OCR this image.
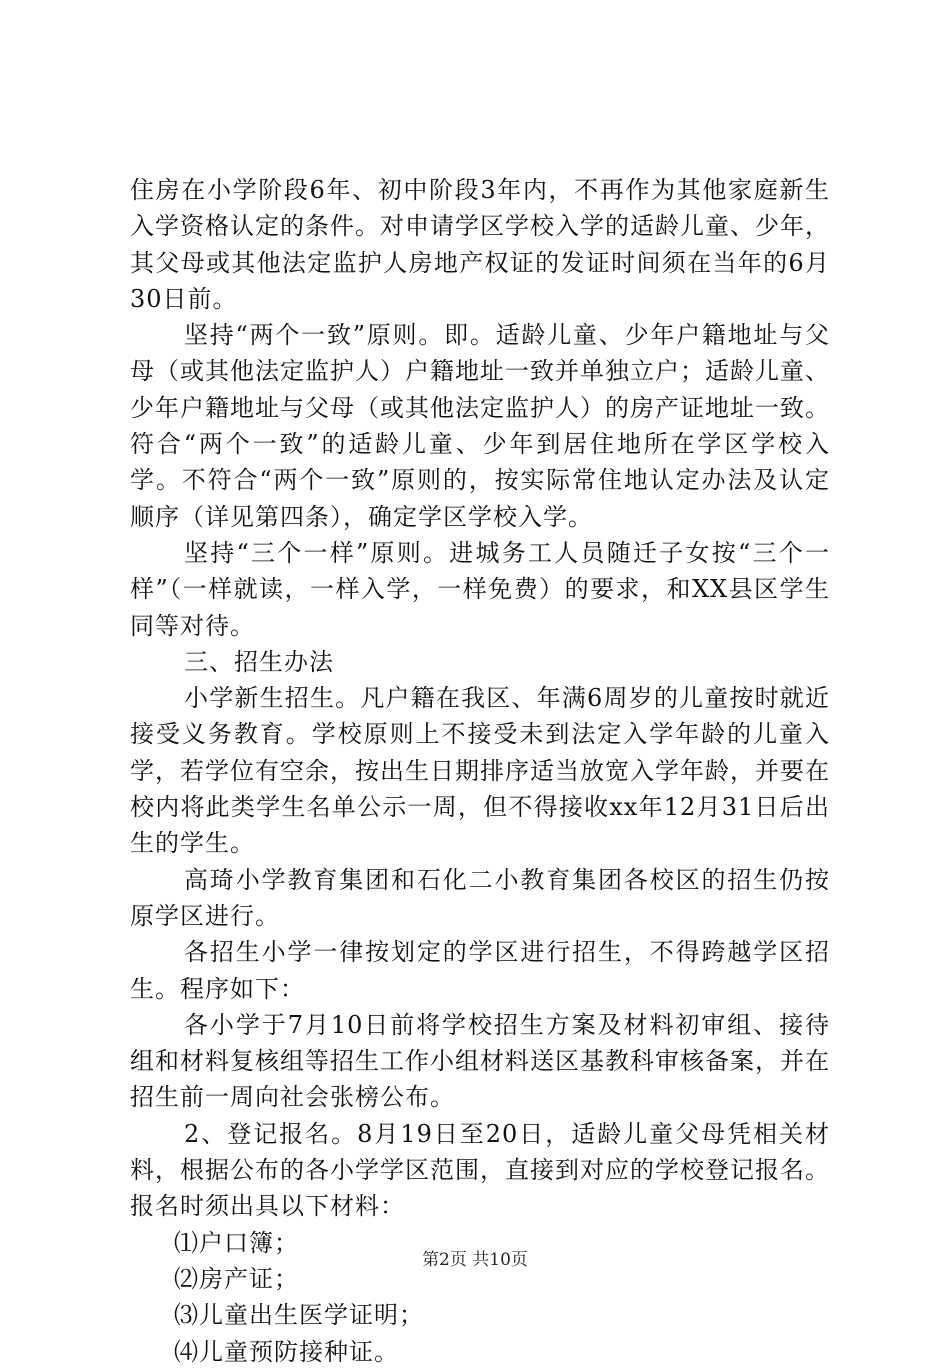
住房在小学阶段6年、初中阶段3年内，不再作为其他家庭新生入学资格认定的条件。对申请学区学校入学的适龄儿童、少年，其父母或其他法定监护人房地产权证的发证时间须在当年的6月30日前。

坚持“两个一致”原则。即。适龄儿童、少年户籍地址与父母（或其他法定监护人）户籍地址一致并单独立户；适龄儿童、少年户籍地址与父母（或其他法定监护人）的房产证地址一致。符合“两个一致”的适龄儿童、少年到居住地所在学区学校入学。不符合“两个一致”原则的，按实际常住地认定办法及认定顺序（详见第四条），确定学区学校入学。

坚持“三个一样”原则。进城务工人员随迁子女按“三个一样”（一样就读，一样入学，一样免费）的要求，和XX县区学生同等对待。

三、招生办法

小学新生招生。凡户籍在我区、年满6周岁的儿童按时就近接受义务教育。学校原则上不接受未到法定入学年龄的儿童入学，若学位有空余，按出生日期排序适当放宽入学年龄，并要在校内将此类学生名单公示一周，但不得接收xx年12月31日后出生的学生。

高琦小学教育集团和石化二小教育集团各校区的招生仍按原学区进行。

各招生小学一律按划定的学区进行招生，不得跨越学区招生。程序如下：

各小学于7月10日前将学校招生方案及材料初审组、接待组和材料复核组等招生工作小组材料送区基教科审核备案，并在招生前一周向社会张榜公布。

2、登记报名。8月19日至20日，适龄儿童父母凭相关材料，根据公布的各小学学区范围，直接到对应的学校登记报名。报名时须出具以下材料：

⑴户口簿；

⑵房产证；

⑶儿童出生医学证明；

⑷儿童预防接种证。

第2页 共10页
